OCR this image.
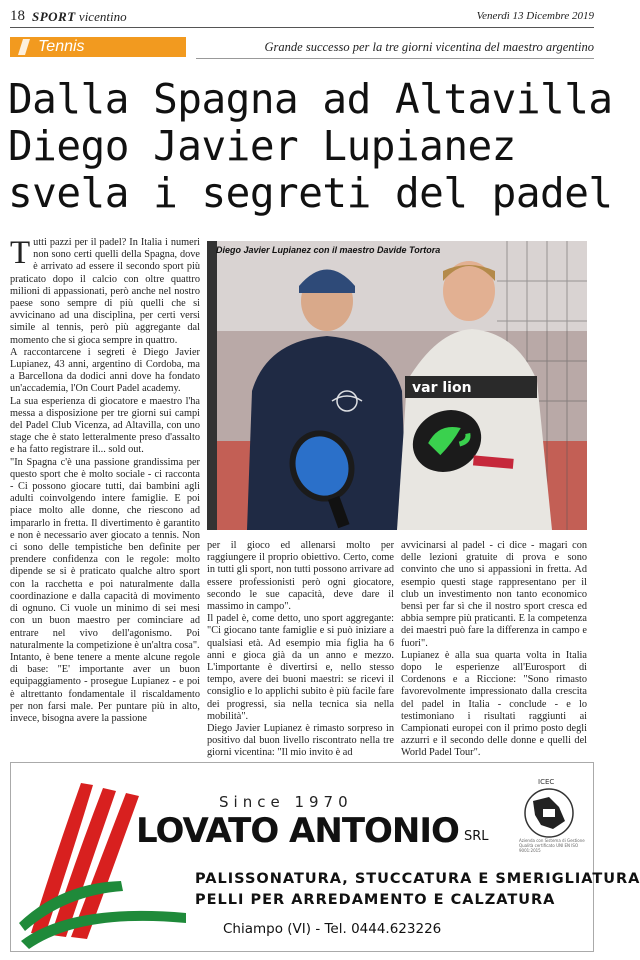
18 SPORT vicentino	Venerdì 13 Dicembre 2019
Tennis	Grande successo per la tre giorni vicentina del maestro argentino
Dalla Spagna ad Altavilla
Diego Javier Lupianez
svela i segreti del padel
T utti pazzi per il padel? In Italia i numeri non sono certi quelli della Spagna, dove è arrivato ad essere il secondo sport più praticato dopo il calcio con oltre quattro milioni di appassionati, però anche nel nostro paese sono sempre di più quelli che si avvicinano ad una disciplina, per certi versi simile al tennis, però più aggregante dal momento che si gioca sempre in quattro.

A raccontarcene i segreti è Diego Javier Lupianez, 43 anni, argentino di Cordoba, ma a Barcellona da dodici anni dove ha fondato un'accademia, l'On Court Padel academy.

La sua esperienza di giocatore e maestro l'ha messa a disposizione per tre giorni sui campi del Padel Club Vicenza, ad Altavilla, con uno stage che è stato letteralmente preso d'assalto e ha fatto registrare il... sold out.

"In Spagna c'è una passione grandissima per questo sport che è molto sociale - ci racconta - Ci possono giocare tutti, dai bambini agli adulti coinvolgendo intere famiglie. E poi piace molto alle donne, che riescono ad impararlo in fretta. Il divertimento è garantito e non è necessario aver giocato a tennis. Non ci sono delle tempistiche ben definite per prendere confidenza con le regole: molto dipende se si è praticato qualche altro sport con la racchetta e poi naturalmente dalla coordinazione e dalla capacità di movimento di ognuno. Ci vuole un minimo di sei mesi con un buon maestro per cominciare ad entrare nel vivo dell'agonismo. Poi naturalmente la competizione è un'altra cosa".

Intanto, è bene tenere a mente alcune regole di base: "E' importante aver un buon equipaggiamento - prosegue Lupianez - e poi è altrettanto fondamentale il riscaldamento per non farsi male. Per puntare più in alto, invece, bisogna avere la passione

var lion
Diego Javier Lupianez con il maestro Davide Tortora

per il gioco ed allenarsi molto per raggiungere il proprio obiettivo. Certo, come in tutti gli sport, non tutti possono arrivare ad essere professionisti però ogni giocatore, secondo le sue capacità, deve dare il massimo in campo".

Il padel è, come detto, uno sport aggregante: "Ci giocano tante famiglie e si può iniziare a qualsiasi età. Ad esempio mia figlia ha 6 anni e gioca già da un anno e mezzo. L'importante è divertirsi e, nello stesso tempo, avere dei buoni maestri: se ricevi il consiglio e lo applichi subito è più facile fare dei progressi, sia nella tecnica sia nella mobilità".

Diego Javier Lupianez è rimasto sorpreso in positivo dal buon livello riscontrato nella tre giorni vicentina: "Il mio invito è ad

avvicinarsi al padel - ci dice - magari con delle lezioni gratuite di prova e sono convinto che uno si appassioni in fretta. Ad esempio questi stage rappresentano per il club un investimento non tanto economico bensì per far sì che il nostro sport cresca ed abbia sempre più praticanti. E la competenza dei maestri può fare la differenza in campo e fuori".

Lupianez è alla sua quarta volta in Italia dopo le esperienze all'Eurosport di Cordenons e a Riccione: "Sono rimasto favorevolmente impressionato dalla crescita del padel in Italia - conclude - e lo testimoniano i risultati raggiunti ai Campionati europei con il primo posto degli azzurri e il secondo delle donne e quelli del World Padel Tour".

Since 1970
LOVATO ANTONIO SRL
PALISSONATURA, STUCCATURA E SMERIGLIATURA
PELLI PER ARREDAMENTO E CALZATURA
Chiampo (VI) - Tel. 0444.623226
ICEC
Azienda con Sistema di Gestione Qualità certificato UNI EN ISO 9001:2015
